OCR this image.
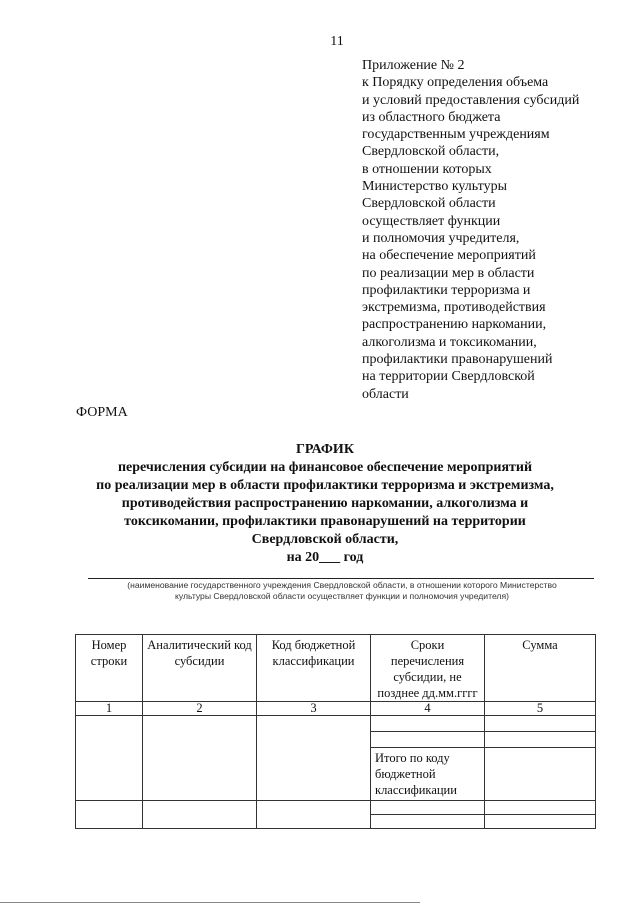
11
Приложение № 2
к Порядку определения объема
и условий предоставления субсидий
из областного бюджета
государственным учреждениям
Свердловской области,
в отношении которых
Министерство культуры
Свердловской области
осуществляет функции
и полномочия учредителя,
на обеспечение мероприятий
по реализации мер в области
профилактики терроризма и
экстремизма, противодействия
распространению наркомании,
алкоголизма и токсикомании,
профилактики правонарушений
на территории Свердловской
области
ФОРМА
ГРАФИК
перечисления субсидии на финансовое обеспечение мероприятий
по реализации мер в области профилактики терроризма и экстремизма,
противодействия распространению наркомании, алкоголизма и
токсикомании, профилактики правонарушений на территории
Свердловской области,
на 20___ год
(наименование государственного учреждения Свердловской области, в отношении которого Министерство
культуры Свердловской области осуществляет функции и полномочия учредителя)
Номер строки	Аналитический код субсидии	Код бюджетной классификации	Сроки перечисления субсидии, не позднее дд.мм.гггг	Сумма
1	2	3	4	5

			Итого по коду бюджетной классификации	
